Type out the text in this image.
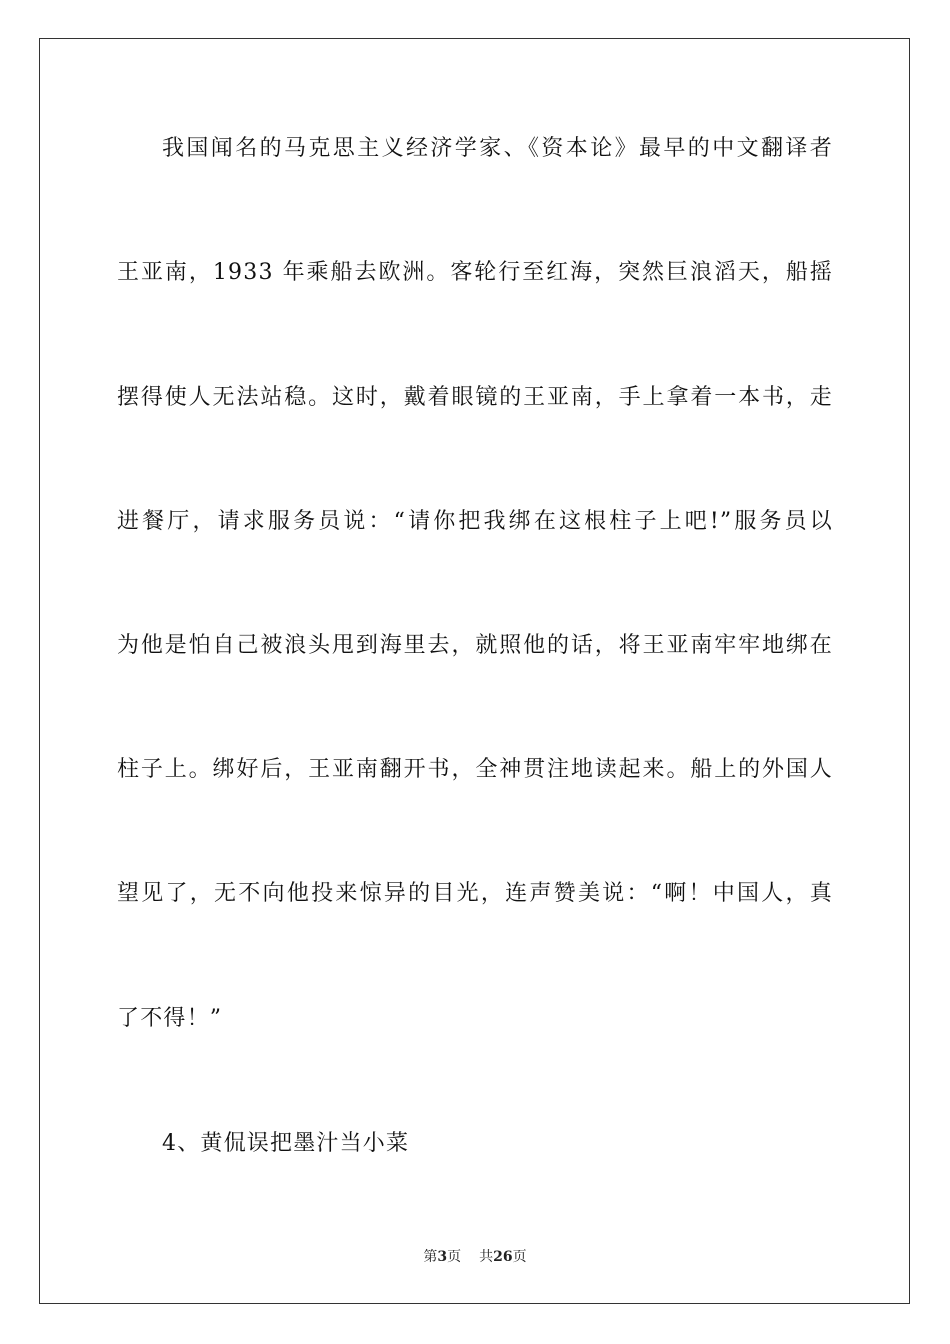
我国闻名的马克思主义经济学家、《资本论》最早的中文翻译者
王亚南，1933 年乘船去欧洲。客轮行至红海，突然巨浪滔天，船摇
摆得使人无法站稳。这时，戴着眼镜的王亚南，手上拿着一本书，走
进餐厅，请求服务员说：“请你把我绑在这根柱子上吧!”服务员以
为他是怕自己被浪头甩到海里去，就照他的话，将王亚南牢牢地绑在
柱子上。绑好后，王亚南翻开书，全神贯注地读起来。船上的外国人
望见了，无不向他投来惊异的目光，连声赞美说：“啊！中国人，真
了不得！”
4、黄侃误把墨汁当小菜
第3页 共26页
